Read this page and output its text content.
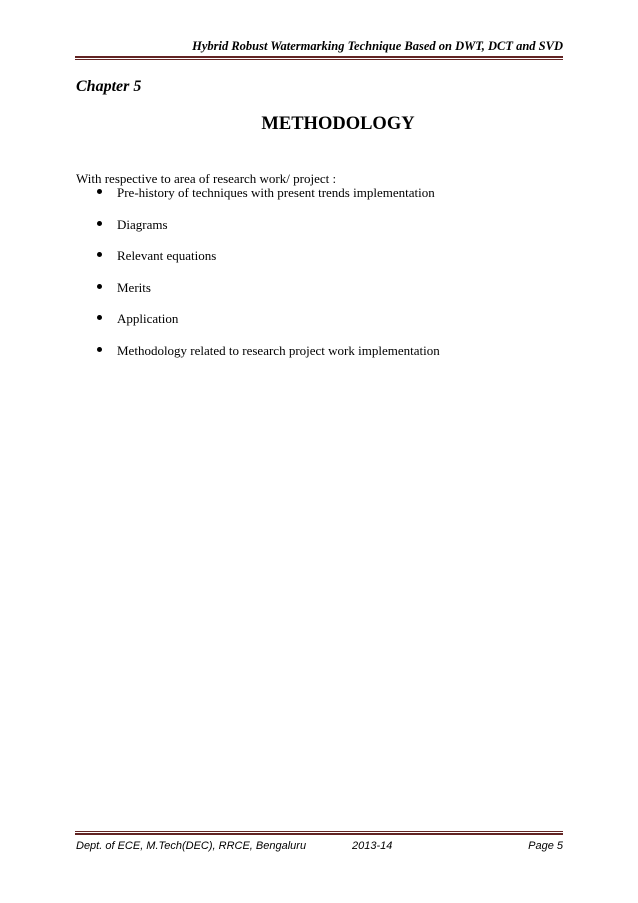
Hybrid Robust Watermarking Technique Based on DWT, DCT and SVD
Chapter 5
METHODOLOGY
With respective to area of research work/ project :
Pre-history of techniques with present trends implementation
Diagrams
Relevant equations
Merits
Application
Methodology related to research project work implementation
Dept. of ECE, M.Tech(DEC), RRCE, Bengaluru	2013-14	Page 5
